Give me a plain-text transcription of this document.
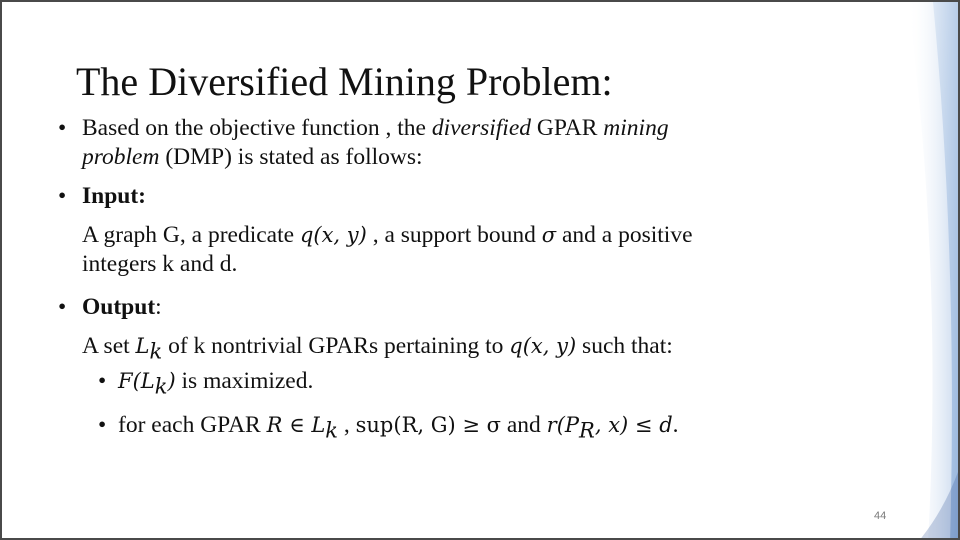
The Diversified Mining Problem:
• Based on the objective function , the diversified GPAR mining
problem (DMP) is stated as follows:
• Input:
A graph G, a predicate q(x, y) , a support bound σ and a positive
integers k and d.
• Output:
A set $L_k$ of k nontrivial GPARs pertaining to q(x, y) such that:
• $F(L_k)$ is maximized.
• for each GPAR R ∈ $L_k$ , sup(R, G) ≥ σ and $r(P_R$, x) ≤ d.
44
